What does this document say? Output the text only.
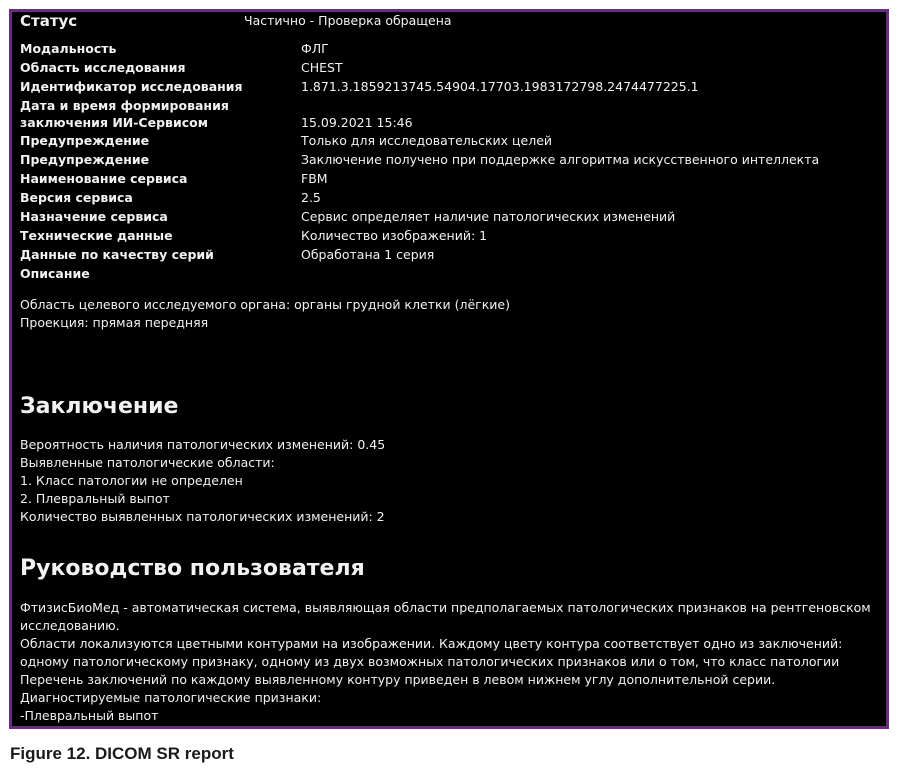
Статус	Частично - Проверка обращена
Модальность	ФЛГ
Область исследования	CHEST
Идентификатор исследования	1.871.3.1859213745.54904.17703.1983172798.2474477225.1
Дата и время формирования
заключения ИИ-Сервисом	15.09.2021 15:46
Предупреждение	Только для исследовательских целей
Предупреждение	Заключение получено при поддержке алгоритма искусственного интеллекта
Наименование сервиса	FBM
Версия сервиса	2.5
Назначение сервиса	Сервис определяет наличие патологических изменений
Технические данные	Количество изображений: 1
Данные по качеству серий	Обработана 1 серия
Описание
Область целевого исследуемого органа: органы грудной клетки (лёгкие)
Проекция: прямая передняя
Заключение
Вероятность наличия патологических изменений: 0.45
Выявленные патологические области:
1. Класс патологии не определен
2. Плевральный выпот
Количество выявленных патологических изменений: 2
Руководство пользователя
ФтизисБиоМед - автоматическая система, выявляющая области предполагаемых патологических признаков на рентгеновском
исследованию.
Области локализуются цветными контурами на изображении. Каждому цвету контура соответствует одно из заключений:
одному патологическому признаку, одному из двух возможных патологических признаков или о том, что класс патологии
Перечень заключений по каждому выявленному контуру приведен в левом нижнем углу дополнительной серии.
Диагностируемые патологические признаки:
-Плевральный выпот
Figure 12. DICOM SR report
